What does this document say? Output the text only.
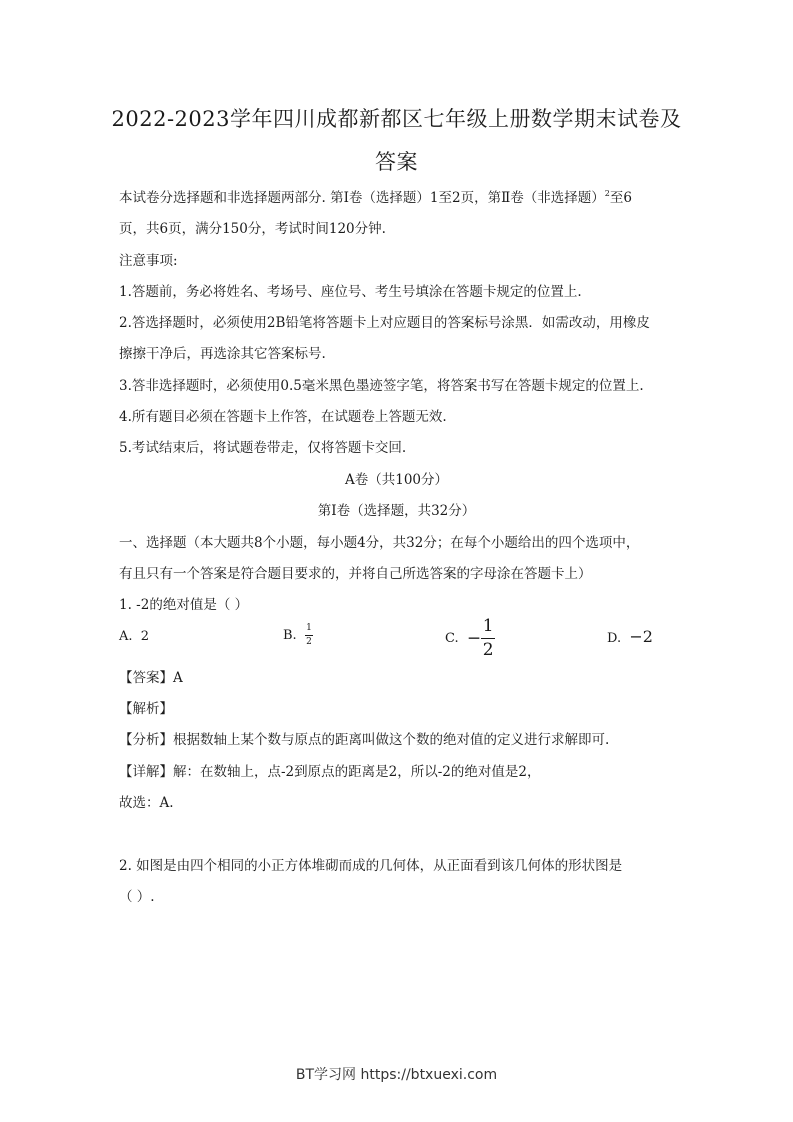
2022-2023学年四川成都新都区七年级上册数学期末试卷及
答案
本试卷分选择题和非选择题两部分. 第Ⅰ卷（选择题）1至2页，第Ⅱ卷（非选择题）$^2$至6
页，共6页，满分150分，考试时间120分钟.
注意事项:
1.答题前，务必将姓名、考场号、座位号、考生号填涂在答题卡规定的位置上.
2.答选择题时，必须使用2B铅笔将答题卡上对应题目的答案标号涂黑．如需改动，用橡皮
擦擦干净后，再选涂其它答案标号.
3.答非选择题时，必须使用0.5毫米黑色墨迹签字笔，将答案书写在答题卡规定的位置上.
4.所有题目必须在答题卡上作答，在试题卷上答题无效.
5.考试结束后，将试题卷带走，仅将答题卡交回.
A卷（共100分）
第Ⅰ卷（选择题，共32分）
一、选择题（本大题共8个小题，每小题4分，共32分；在每个小题给出的四个选项中，
有且只有一个答案是符合题目要求的，并将自己所选答案的字母涂在答题卡上）
1. -2的绝对值是（ ）
A. 2	B. $\frac{1}{2}$	C. − $\frac{1}{2}$	D. −2
【答案】A
【解析】
【分析】根据数轴上某个数与原点的距离叫做这个数的绝对值的定义进行求解即可.
【详解】解：在数轴上，点-2到原点的距离是2，所以-2的绝对值是2，
故选：A.
2. 如图是由四个相同的小正方体堆砌而成的几何体，从正面看到该几何体的形状图是
（ ）.
BT学习网 https://btxuexi.com
